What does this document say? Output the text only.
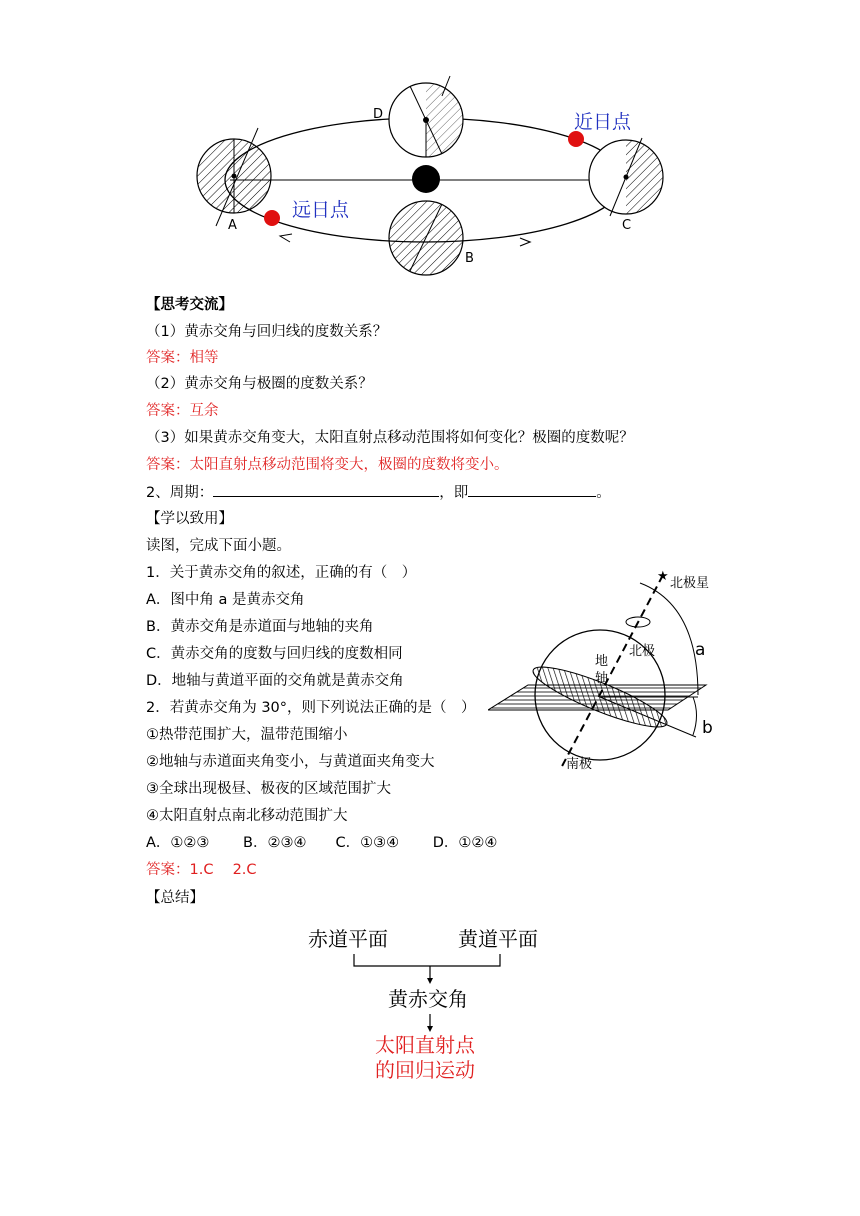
D
A
B
C
近日点
远日点
【思考交流】
（1）黄赤交角与回归线的度数关系？
答案：相等
（2）黄赤交角与极圈的度数关系？
答案：互余
（3）如果黄赤交角变大，太阳直射点移动范围将如何变化？极圈的度数呢？
答案：太阳直射点移动范围将变大，极圈的度数将变小。
2、周期：	，即	。
【学以致用】
读图，完成下面小题。
1．关于黄赤交角的叙述，正确的有（　）
A．图中角 a 是黄赤交角
B．黄赤交角是赤道面与地轴的夹角
C．黄赤交角的度数与回归线的度数相同
D．地轴与黄道平面的交角就是黄赤交角
2．若黄赤交角为 30°，则下列说法正确的是（　）
①热带范围扩大，温带范围缩小
②地轴与赤道面夹角变小，与黄道面夹角变大
③全球出现极昼、极夜的区域范围扩大
④太阳直射点南北移动范围扩大
A．①②③　　 B．②③④　　C．①③④　　 D．①②④
答案：1.C　 2.C
★ 北极星
北极
地
轴
南极
a
b
【总结】
赤道平面	黄道平面
黄赤交角
太阳直射点
的回归运动
